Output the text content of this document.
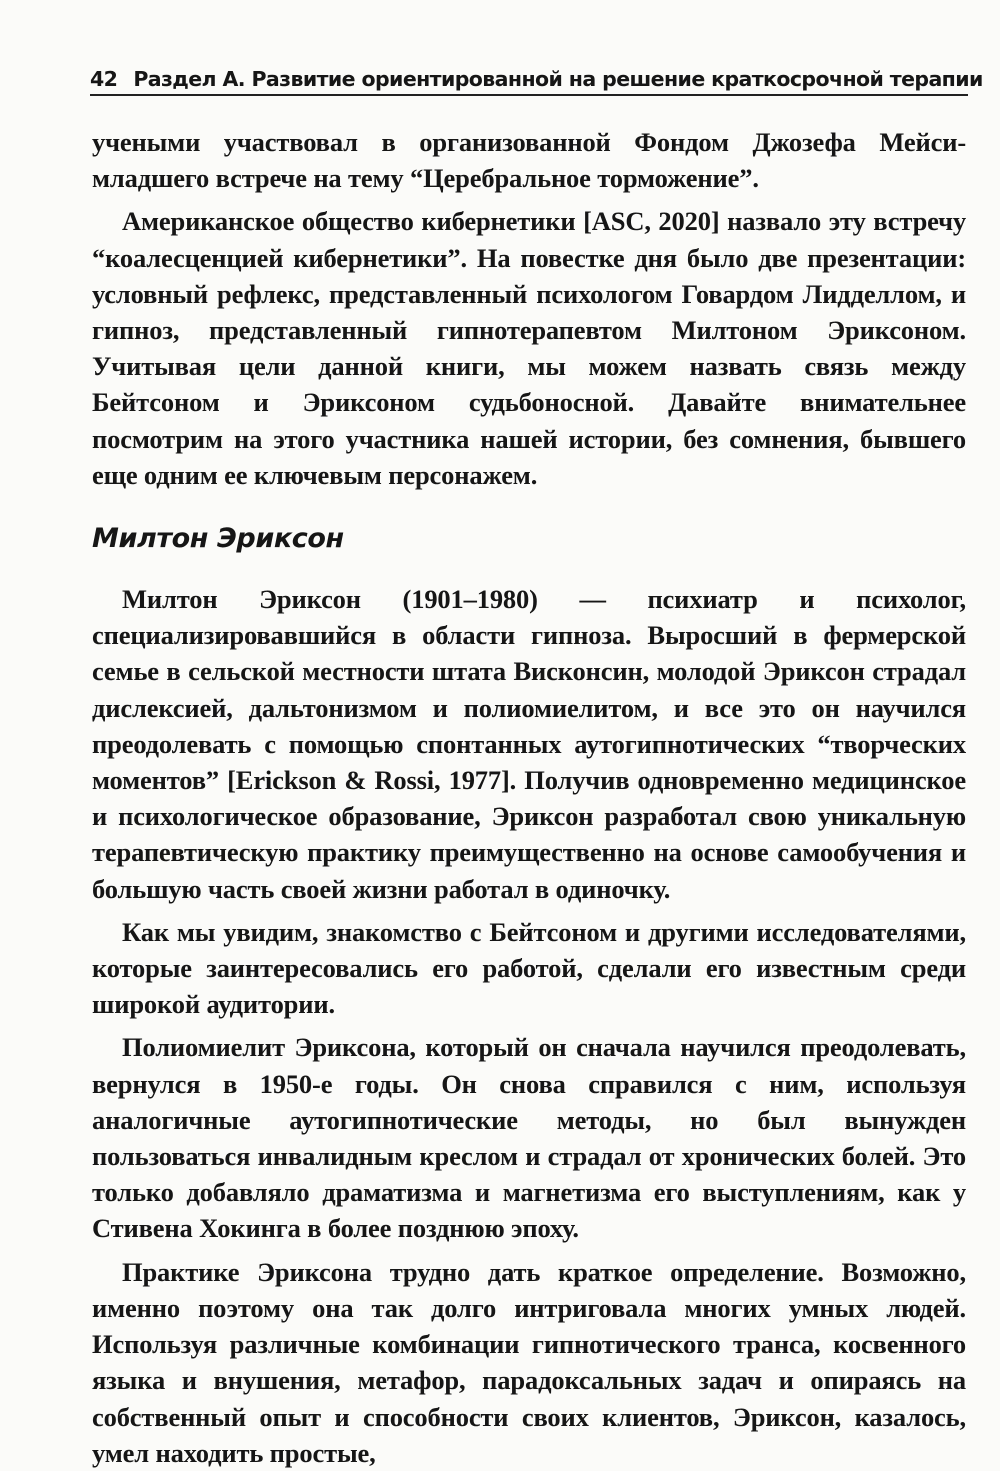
42 Раздел А. Развитие ориентированной на решение краткосрочной терапии

учеными участвовал в организованной Фондом Джозефа Мейси-
младшего встрече на тему “Церебральное торможение”.

Американское общество кибернетики [ASC, 2020] назвало эту встречу “коалесценцией кибернетики”. На повестке дня было две презентации: условный рефлекс, представленный психологом Говардом Лидделлом, и гипноз, представленный гипнотерапевтом Милтоном Эриксоном. Учитывая цели данной книги, мы можем назвать связь между Бейтсоном и Эриксоном судьбоносной. Давайте внимательнее посмотрим на этого участника нашей истории, без сомнения, бывшего еще одним ее ключевым персонажем.

Милтон Эриксон

Милтон Эриксон (1901–1980) — психиатр и психолог, специализировавшийся в области гипноза. Выросший в фермерской семье в сельской местности штата Висконсин, молодой Эриксон страдал дислексией, дальтонизмом и полиомиелитом, и все это он научился преодолевать с помощью спонтанных аутогипнотических “творческих моментов” [Erickson & Rossi, 1977]. Получив одновременно медицинское и психологическое образование, Эриксон разработал свою уникальную терапевтическую практику преимущественно на основе самообучения и большую часть своей жизни работал в одиночку.

Как мы увидим, знакомство с Бейтсоном и другими исследователями, которые заинтересовались его работой, сделали его известным среди широкой аудитории.

Полиомиелит Эриксона, который он сначала научился преодолевать, вернулся в 1950-е годы. Он снова справился с ним, используя аналогичные аутогипнотические методы, но был вынужден пользоваться инвалидным креслом и страдал от хронических болей. Это только добавляло драматизма и магнетизма его выступлениям, как у Стивена Хокинга в более позднюю эпоху.

Практике Эриксона трудно дать краткое определение. Возможно, именно поэтому она так долго интриговала многих умных людей. Используя различные комбинации гипнотического транса, косвенного языка и внушения, метафор, парадоксальных задач и опираясь на собственный опыт и способности своих клиентов, Эриксон, казалось, умел находить простые,
